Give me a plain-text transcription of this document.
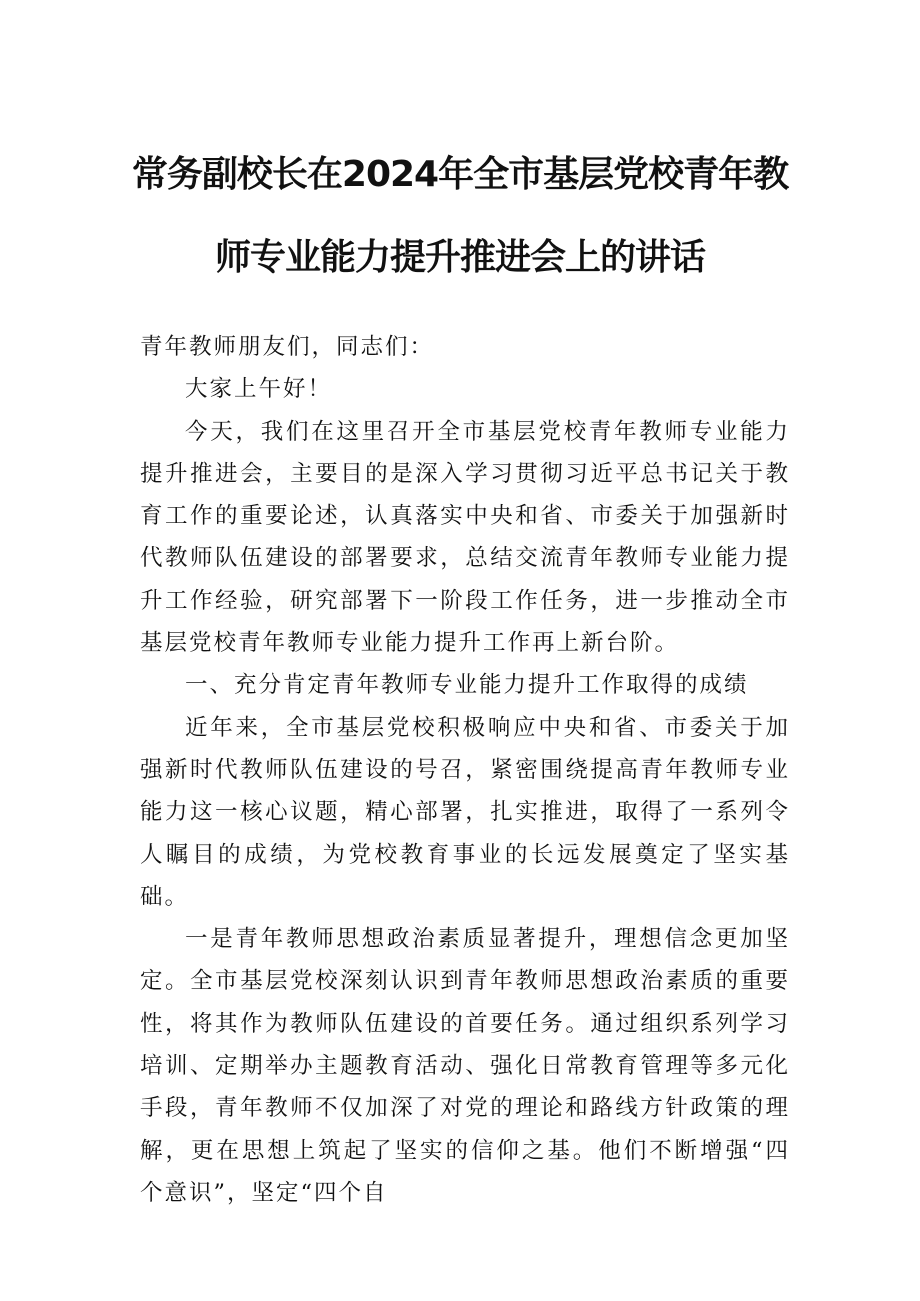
常务副校长在2024年全市基层党校青年教
师专业能力提升推进会上的讲话

青年教师朋友们，同志们：

大家上午好！

今天，我们在这里召开全市基层党校青年教师专业能力提升推进会，主要目的是深入学习贯彻习近平总书记关于教育工作的重要论述，认真落实中央和省、市委关于加强新时代教师队伍建设的部署要求，总结交流青年教师专业能力提升工作经验，研究部署下一阶段工作任务，进一步推动全市基层党校青年教师专业能力提升工作再上新台阶。

一、充分肯定青年教师专业能力提升工作取得的成绩

近年来，全市基层党校积极响应中央和省、市委关于加强新时代教师队伍建设的号召，紧密围绕提高青年教师专业能力这一核心议题，精心部署，扎实推进，取得了一系列令人瞩目的成绩，为党校教育事业的长远发展奠定了坚实基础。

一是青年教师思想政治素质显著提升，理想信念更加坚定。全市基层党校深刻认识到青年教师思想政治素质的重要性，将其作为教师队伍建设的首要任务。通过组织系列学习培训、定期举办主题教育活动、强化日常教育管理等多元化手段，青年教师不仅加深了对党的理论和路线方针政策的理解，更在思想上筑起了坚实的信仰之基。他们不断增强“四个意识”，坚定“四个自
